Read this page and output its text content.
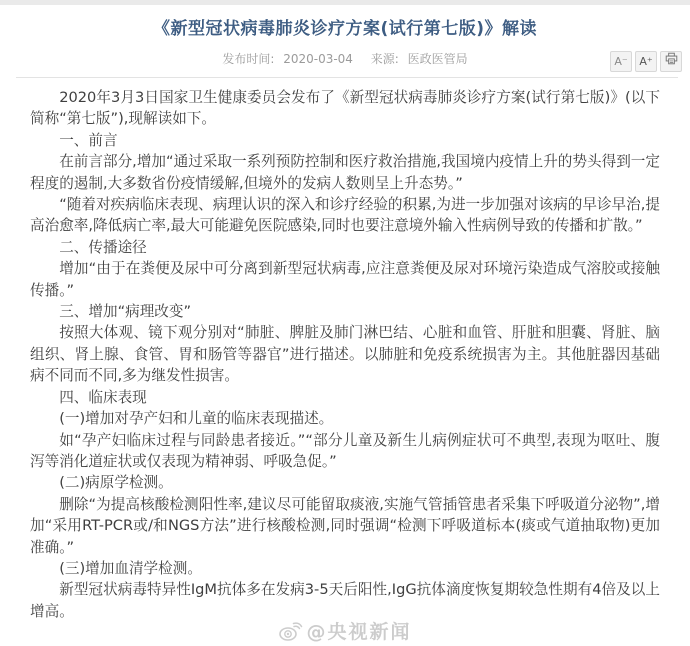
《新型冠状病毒肺炎诊疗方案(试行第七版)》解读
发布时间: 2020-03-04 来源: 医政医管局	A⁻	A⁺

2020年3月3日国家卫生健康委员会发布了《新型冠状病毒肺炎诊疗方案(试行第七版)》(以下简称“第七版”),现解读如下。

一、前言

在前言部分,增加“通过采取一系列预防控制和医疗救治措施,我国境内疫情上升的势头得到一定程度的遏制,大多数省份疫情缓解,但境外的发病人数则呈上升态势。”

“随着对疾病临床表现、病理认识的深入和诊疗经验的积累,为进一步加强对该病的早诊早治,提高治愈率,降低病亡率,最大可能避免医院感染,同时也要注意境外输入性病例导致的传播和扩散。”

二、传播途径

增加“由于在粪便及尿中可分离到新型冠状病毒,应注意粪便及尿对环境污染造成气溶胶或接触传播。”

三、增加“病理改变”

按照大体观、镜下观分别对“肺脏、脾脏及肺门淋巴结、心脏和血管、肝脏和胆囊、肾脏、脑组织、肾上腺、食管、胃和肠管等器官”进行描述。以肺脏和免疫系统损害为主。其他脏器因基础病不同而不同,多为继发性损害。

四、临床表现

(一)增加对孕产妇和儿童的临床表现描述。

如“孕产妇临床过程与同龄患者接近。”“部分儿童及新生儿病例症状可不典型,表现为呕吐、腹泻等消化道症状或仅表现为精神弱、呼吸急促。”

(二)病原学检测。

删除“为提高核酸检测阳性率,建议尽可能留取痰液,实施气管插管患者采集下呼吸道分泌物”,增加“采用RT-PCR或/和NGS方法”进行核酸检测,同时强调“检测下呼吸道标本(痰或气道抽取物)更加准确。”

(三)增加血清学检测。

新型冠状病毒特异性IgM抗体多在发病3-5天后阳性,IgG抗体滴度恢复期较急性期有4倍及以上增高。

@央视新闻
